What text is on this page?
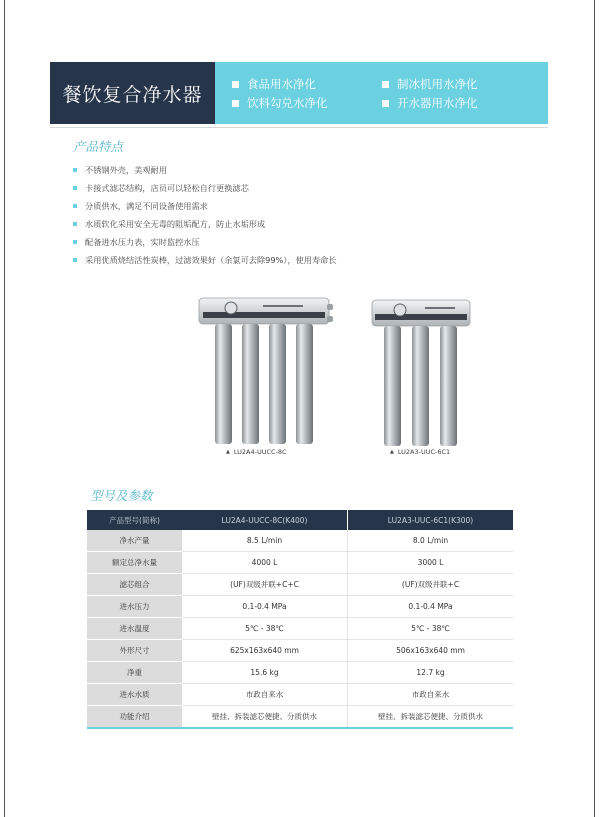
餐饮复合净水器	食品用水净化	制冰机用水净化
饮料勾兑水净化	开水器用水净化
产品特点
不锈钢外壳，美观耐用
卡接式滤芯结构，店员可以轻松自行更换滤芯
分质供水，满足不同设备使用需求
水质软化采用安全无毒的阻垢配方，防止水垢形成
配备进水压力表，实时监控水压
采用优质烧结活性炭棒，过滤效果好（余氯可去除99%），使用寿命长
▲ LU2A4-UUCC-8C	▲ LU2A3-UUC-6C1
型号及参数
产品型号(简称)	LU2A4-UUCC-8C(K400)	LU2A3-UUC-6C1(K300)
净水产量	8.5 L/min	8.0 L/min
额定总净水量	4000 L	3000 L
滤芯组合	(UF)双级并联+C+C	(UF)双级并联+C
进水压力	0.1-0.4 MPa	0.1-0.4 MPa
进水温度	5℃ - 38℃	5℃ - 38℃
外形尺寸	625x163x640 mm	506x163x640 mm
净重	15.6 kg	12.7 kg
进水水质	市政自来水	市政自来水
功能介绍	壁挂、拆装滤芯便捷、分质供水	壁挂、拆装滤芯便捷、分质供水
